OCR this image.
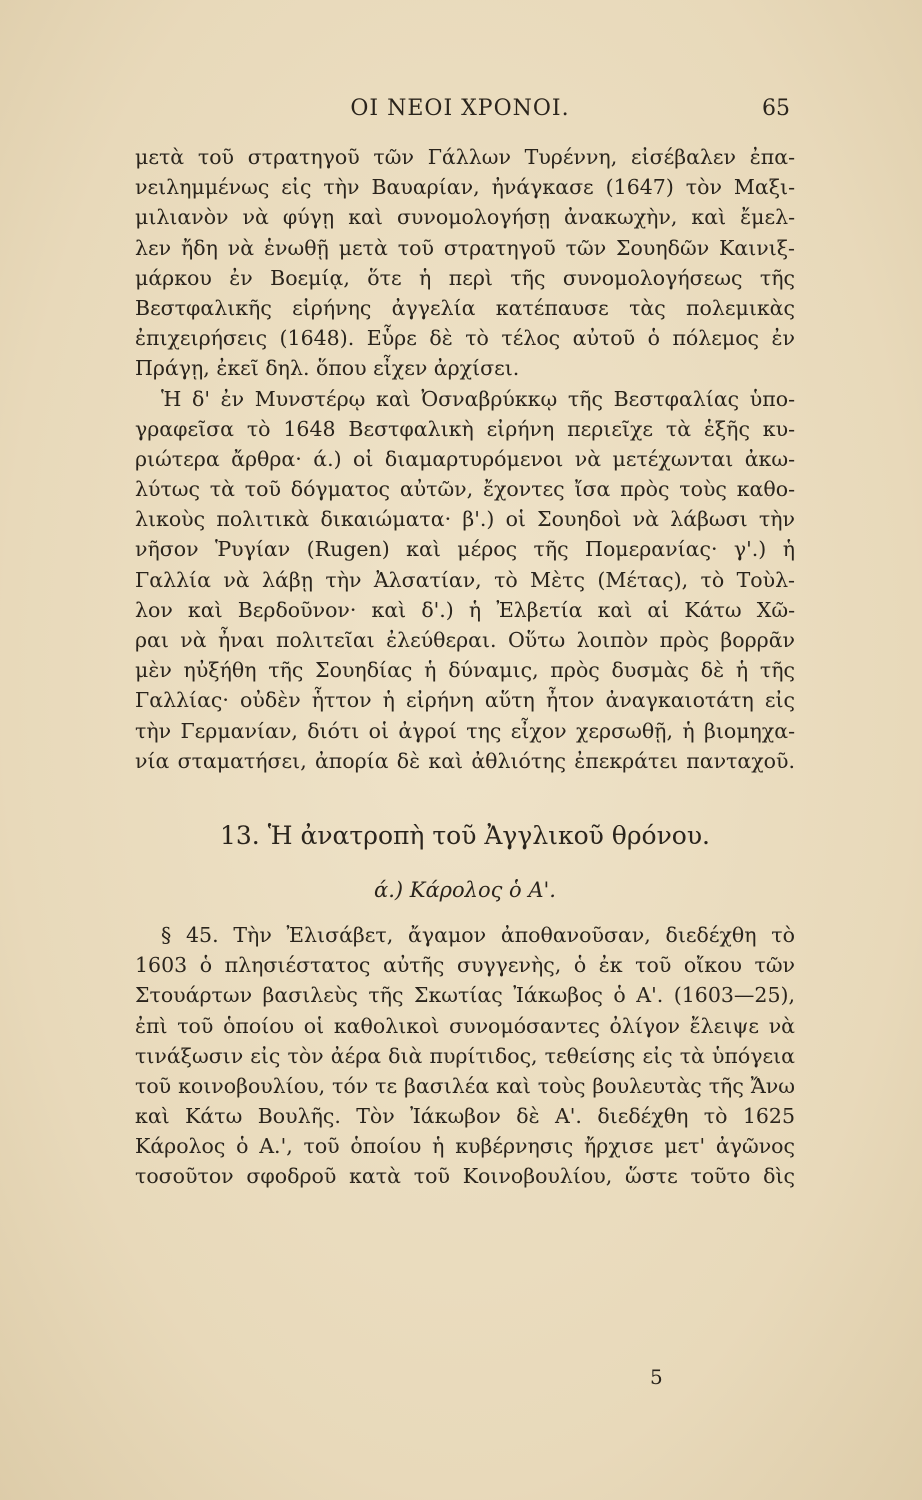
ΟΙ ΝΕΟΙ ΧΡΟΝΟΙ.	65
μετὰ τοῦ στρατηγοῦ τῶν Γάλλων Τυρέννη, εἰσέβαλεν ἐπα-
νειλημμένως εἰς τὴν Βαυαρίαν, ἠνάγκασε (1647) τὸν Μαξι-
μιλιανὸν νὰ φύγῃ καὶ συνομολογήσῃ ἀνακωχὴν, καὶ ἔμελ-
λεν ἤδη νὰ ἑνωθῇ μετὰ τοῦ στρατηγοῦ τῶν Σουηδῶν Καινιξ-
μάρκου ἐν Βοεμίᾳ, ὅτε ἡ περὶ τῆς συνομολογήσεως τῆς
Βεστφαλικῆς εἰρήνης ἀγγελία κατέπαυσε τὰς πολεμικὰς
ἐπιχειρήσεις (1648). Εὗρε δὲ τὸ τέλος αὐτοῦ ὁ πόλεμος ἐν
Πράγῃ, ἐκεῖ δηλ. ὅπου εἶχεν ἀρχίσει.
Ἡ δ' ἐν Μυνστέρῳ καὶ Ὀσναβρύκκῳ τῆς Βεστφαλίας ὑπο-
γραφεῖσα τὸ 1648 Βεστφαλικὴ εἰρήνη περιεῖχε τὰ ἑξῆς κυ-
ριώτερα ἄρθρα· ά.) οἱ διαμαρτυρόμενοι νὰ μετέχωνται ἀκω-
λύτως τὰ τοῦ δόγματος αὐτῶν, ἔχοντες ἴσα πρὸς τοὺς καθο-
λικοὺς πολιτικὰ δικαιώματα· β'.) οἱ Σουηδοὶ νὰ λάβωσι τὴν
νῆσον Ῥυγίαν (Rugen) καὶ μέρος τῆς Πομερανίας· γ'.) ἡ
Γαλλία νὰ λάβῃ τὴν Ἀλσατίαν, τὸ Μὲτς (Μέτας), τὸ Τοὺλ-
λον καὶ Βερδοῦνον· καὶ δ'.) ἡ Ἐλβετία καὶ αἱ Κάτω Χῶ-
ραι νὰ ἦναι πολιτεῖαι ἐλεύθεραι. Οὕτω λοιπὸν πρὸς βορρᾶν
μὲν ηὐξήθη τῆς Σουηδίας ἡ δύναμις, πρὸς δυσμὰς δὲ ἡ τῆς
Γαλλίας· οὐδὲν ἧττον ἡ εἰρήνη αὕτη ἦτον ἀναγκαιοτάτη εἰς
τὴν Γερμανίαν, διότι οἱ ἀγροί της εἶχον χερσωθῇ, ἡ βιομηχα-
νία σταματήσει, ἀπορία δὲ καὶ ἀθλιότης ἐπεκράτει πανταχοῦ.
13. Ἡ ἀνατροπὴ τοῦ Ἀγγλικοῦ θρόνου.
ά.) Κάρολος ὁ Α'.
§ 45. Τὴν Ἐλισάβετ, ἄγαμον ἀποθανοῦσαν, διεδέχθη τὸ
1603 ὁ πλησιέστατος αὐτῆς συγγενὴς, ὁ ἐκ τοῦ οἴκου τῶν
Στουάρτων βασιλεὺς τῆς Σκωτίας Ἰάκωβος ὁ Α'. (1603—25),
ἐπὶ τοῦ ὁποίου οἱ καθολικοὶ συνομόσαντες ὀλίγον ἔλειψε νὰ
τινάξωσιν εἰς τὸν ἀέρα διὰ πυρίτιδος, τεθείσης εἰς τὰ ὑπόγεια
τοῦ κοινοβουλίου, τόν τε βασιλέα καὶ τοὺς βουλευτὰς τῆς Ἄνω
καὶ Κάτω Βουλῆς. Τὸν Ἰάκωβον δὲ Α'. διεδέχθη τὸ 1625
Κάρολος ὁ Α.', τοῦ ὁποίου ἡ κυβέρνησις ἤρχισε μετ' ἀγῶνος
τοσοῦτον σφοδροῦ κατὰ τοῦ Κοινοβουλίου, ὥστε τοῦτο δὶς
5
